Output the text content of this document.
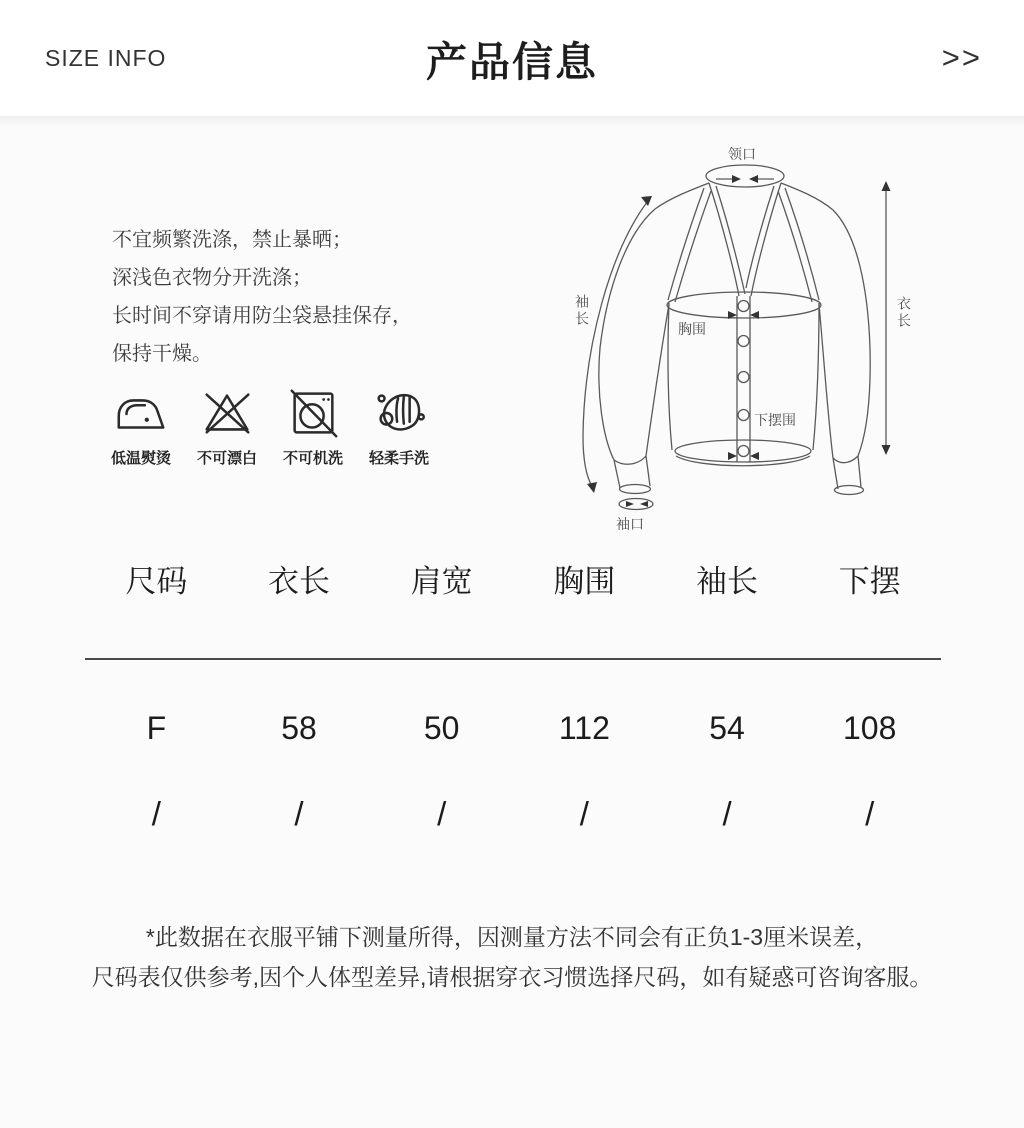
SIZE INFO	产品信息	>>
不宜频繁洗涤，禁止暴晒；
深浅色衣物分开洗涤；
长时间不穿请用防尘袋悬挂保存，
保持干燥。
低温熨烫 不可漂白 不可机洗 轻柔手洗
领口
袖长
胸围	衣长
下摆围
袖口
尺码	衣长	肩宽	胸围	袖长	下摆
F	58	50	112	54	108
/	/	/	/	/	/
*此数据在衣服平铺下测量所得，因测量方法不同会有正负1-3厘米误差，
尺码表仅供参考,因个人体型差异,请根据穿衣习惯选择尺码，如有疑惑可咨询客服。
